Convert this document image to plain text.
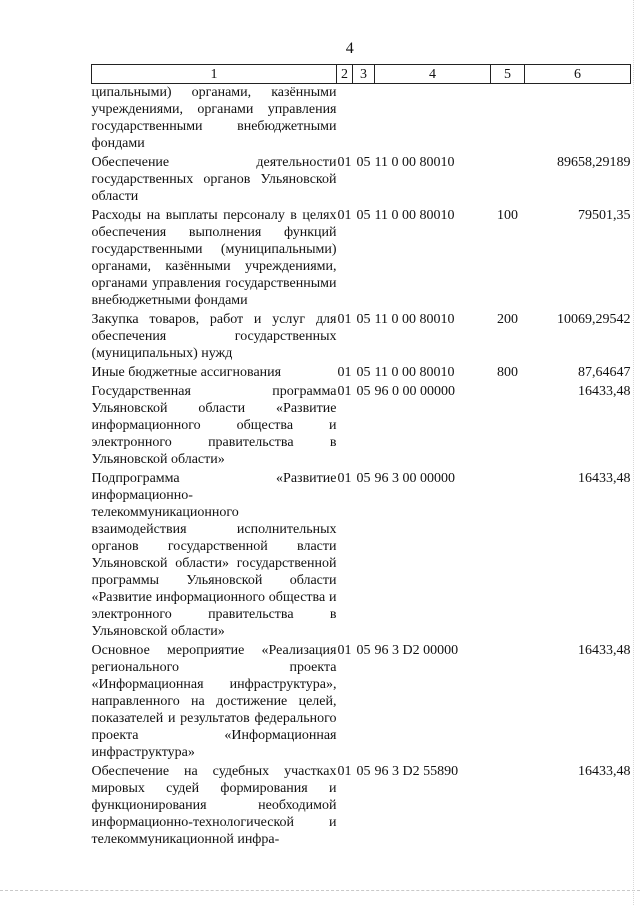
4
1	2	3	4	5	6
ципальными) органами, казёнными учреждениями, органами управления государственными внебюджетными фондами					
Обеспечение деятельности государственных органов Ульяновской области	01	05	11 0 00 80010		89658,29189
Расходы на выплаты персоналу в целях обеспечения выполнения функций государственными (муниципальными) органами, казёнными учреждениями, органами управления государственными внебюджетными фондами	01	05	11 0 00 80010	100	79501,35
Закупка товаров, работ и услуг для обеспечения государственных (муниципальных) нужд	01	05	11 0 00 80010	200	10069,29542
Иные бюджетные ассигнования	01	05	11 0 00 80010	800	87,64647
Государственная программа Ульяновской области «Развитие информационного общества и электронного правительства в Ульяновской области»	01	05	96 0 00 00000		16433,48
Подпрограмма «Развитие информационно-телекоммуникационного взаимодействия исполнительных органов государственной власти Ульяновской области» государственной программы Ульяновской области «Развитие информационного общества и электронного правительства в Ульяновской области»	01	05	96 3 00 00000		16433,48
Основное мероприятие «Реализация регионального проекта «Информационная инфраструктура», направленного на достижение целей, показателей и результатов федерального проекта «Информационная инфраструктура»	01	05	96 3 D2 00000		16433,48
Обеспечение на судебных участках мировых судей формирования и функционирования необходимой информационно-технологической и телекоммуникационной инфра-	01	05	96 3 D2 55890		16433,48
